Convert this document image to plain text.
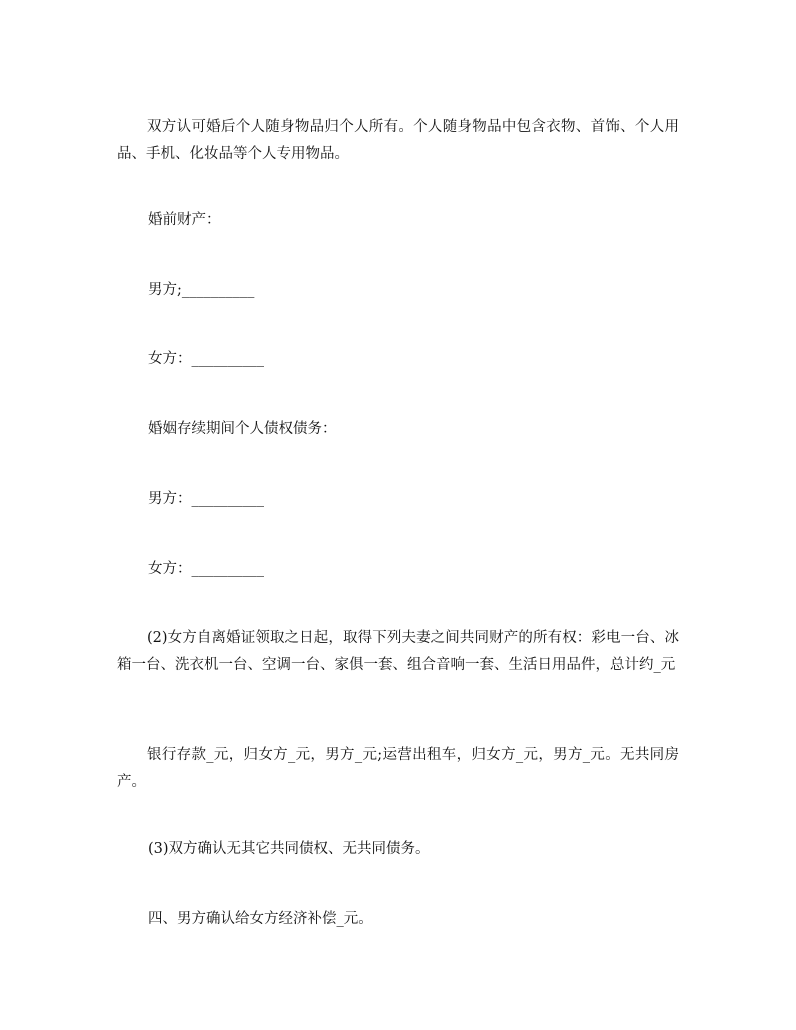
双方认可婚后个人随身物品归个人所有。个人随身物品中包含衣物、首饰、个人用品、手机、化妆品等个人专用物品。

婚前财产：

男方;__________

女方：__________

婚姻存续期间个人债权债务：

男方：__________

女方：__________

(2)女方自离婚证领取之日起，取得下列夫妻之间共同财产的所有权：彩电一台、冰箱一台、洗衣机一台、空调一台、家俱一套、组合音响一套、生活日用品件，总计约_元

银行存款_元，归女方_元，男方_元;运营出租车，归女方_元，男方_元。无共同房产。

(3)双方确认无其它共同债权、无共同债务。

四、男方确认给女方经济补偿_元。
